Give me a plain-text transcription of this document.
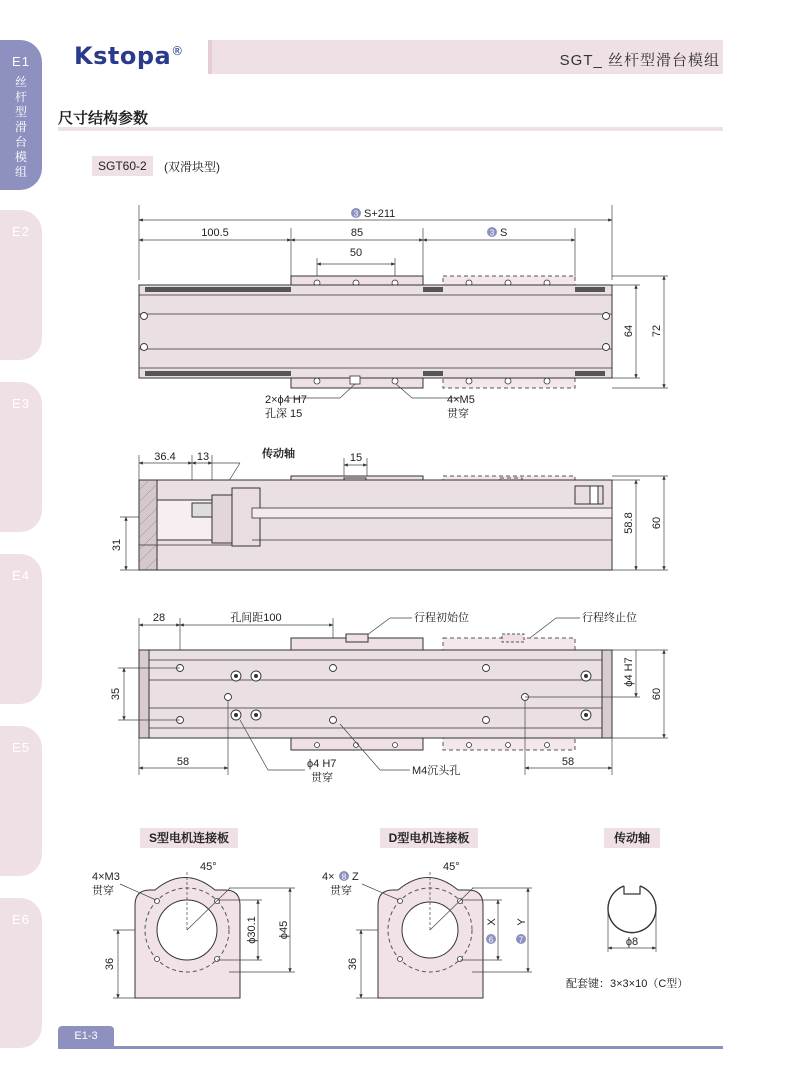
E1
丝杆型滑台模组
E2
E3
E4
E5
E6
Kstopa®
SGT_ 丝杆型滑台模组
尺寸结构参数
SGT60-2	(双滑块型)
3 S+211
100.5	85	3 S
50
64 72
2×ϕ4 H7
孔深 15
4×M5
贯穿
36.4 13	传动轴	15
58.8 60
31
28	孔间距100	行程初始位	行程终止位
35
ϕ4 H7
60
58	58
ϕ4 H7
贯穿
M4沉头孔
S型电机连接板	D型电机连接板	传动轴
4×M3
贯穿
45°
ϕ30.1 ϕ45
36
4× 8 Z
贯穿
45°
X
6
Y
7
36
ϕ8
配套键：3×3×10（C型）
E1-3
